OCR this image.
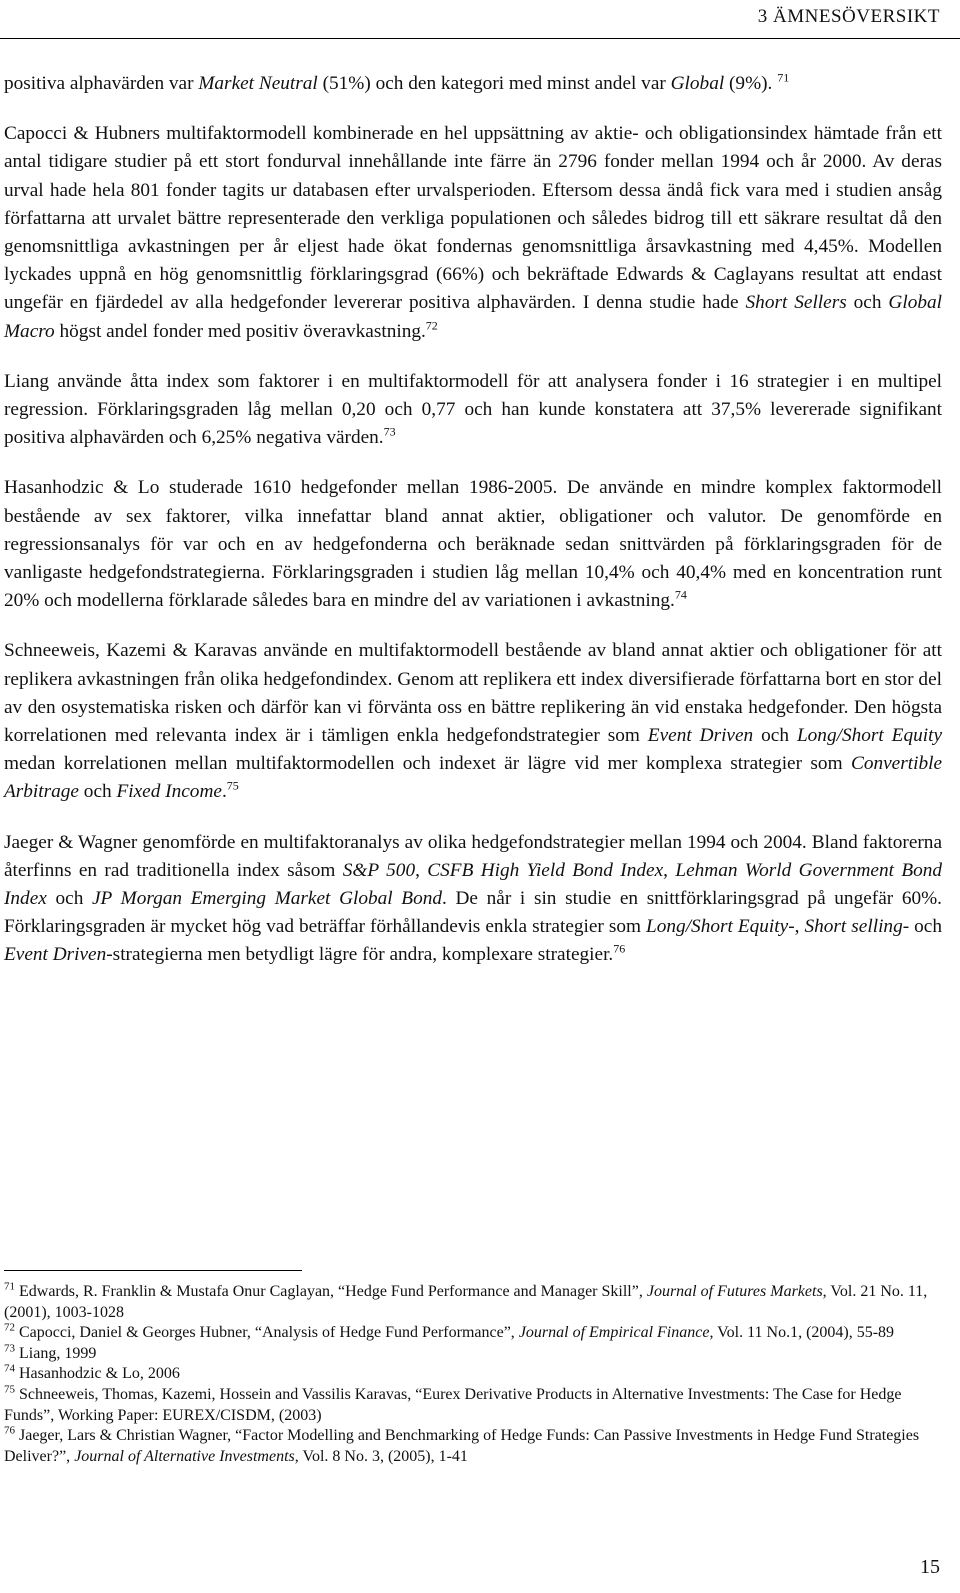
3 ÄMNESÖVERSIKT

positiva alphavärden var Market Neutral (51%) och den kategori med minst andel var Global (9%). $^{71}$

Capocci & Hubners multifaktormodell kombinerade en hel uppsättning av aktie- och obligationsindex hämtade från ett antal tidigare studier på ett stort fondurval innehållande inte färre än 2796 fonder mellan 1994 och år 2000. Av deras urval hade hela 801 fonder tagits ur databasen efter urvalsperioden. Eftersom dessa ändå fick vara med i studien ansåg författarna att urvalet bättre representerade den verkliga populationen och således bidrog till ett säkrare resultat då den genomsnittliga avkastningen per år eljest hade ökat fondernas genomsnittliga årsavkastning med 4,45%. Modellen lyckades uppnå en hög genomsnittlig förklaringsgrad (66%) och bekräftade Edwards & Caglayans resultat att endast ungefär en fjärdedel av alla hedgefonder levererar positiva alphavärden. I denna studie hade Short Sellers och Global Macro högst andel fonder med positiv överavkastning.$^{72}$

Liang använde åtta index som faktorer i en multifaktormodell för att analysera fonder i 16 strategier i en multipel regression. Förklaringsgraden låg mellan 0,20 och 0,77 och han kunde konstatera att 37,5% levererade signifikant positiva alphavärden och 6,25% negativa värden.$^{73}$

Hasanhodzic & Lo studerade 1610 hedgefonder mellan 1986-2005. De använde en mindre komplex faktormodell bestående av sex faktorer, vilka innefattar bland annat aktier, obligationer och valutor. De genomförde en regressionsanalys för var och en av hedgefonderna och beräknade sedan snittvärden på förklaringsgraden för de vanligaste hedgefondstrategierna. Förklaringsgraden i studien låg mellan 10,4% och 40,4% med en koncentration runt 20% och modellerna förklarade således bara en mindre del av variationen i avkastning.$^{74}$

Schneeweis, Kazemi & Karavas använde en multifaktormodell bestående av bland annat aktier och obligationer för att replikera avkastningen från olika hedgefondindex. Genom att replikera ett index diversifierade författarna bort en stor del av den osystematiska risken och därför kan vi förvänta oss en bättre replikering än vid enstaka hedgefonder. Den högsta korrelationen med relevanta index är i tämligen enkla hedgefondstrategier som Event Driven och Long/Short Equity medan korrelationen mellan multifaktormodellen och indexet är lägre vid mer komplexa strategier som Convertible Arbitrage och Fixed Income.$^{75}$

Jaeger & Wagner genomförde en multifaktoranalys av olika hedgefondstrategier mellan 1994 och 2004. Bland faktorerna återfinns en rad traditionella index såsom S&P 500, CSFB High Yield Bond Index, Lehman World Government Bond Index och JP Morgan Emerging Market Global Bond. De når i sin studie en snittförklaringsgrad på ungefär 60%. Förklaringsgraden är mycket hög vad beträffar förhållandevis enkla strategier som Long/Short Equity-, Short selling- och Event Driven-strategierna men betydligt lägre för andra, komplexare strategier.$^{76}$

$^{71}$ Edwards, R. Franklin & Mustafa Onur Caglayan, “Hedge Fund Performance and Manager Skill”, Journal of Futures Markets, Vol. 21 No. 11, (2001), 1003-1028

$^{72}$ Capocci, Daniel & Georges Hubner, “Analysis of Hedge Fund Performance”, Journal of Empirical Finance, Vol. 11 No.1, (2004), 55-89

$^{73}$ Liang, 1999

$^{74}$ Hasanhodzic & Lo, 2006

$^{75}$ Schneeweis, Thomas, Kazemi, Hossein and Vassilis Karavas, “Eurex Derivative Products in Alternative Investments: The Case for Hedge Funds”, Working Paper: EUREX/CISDM, (2003)

$^{76}$ Jaeger, Lars & Christian Wagner, “Factor Modelling and Benchmarking of Hedge Funds: Can Passive Investments in Hedge Fund Strategies Deliver?”, Journal of Alternative Investments, Vol. 8 No. 3, (2005), 1-41

15
